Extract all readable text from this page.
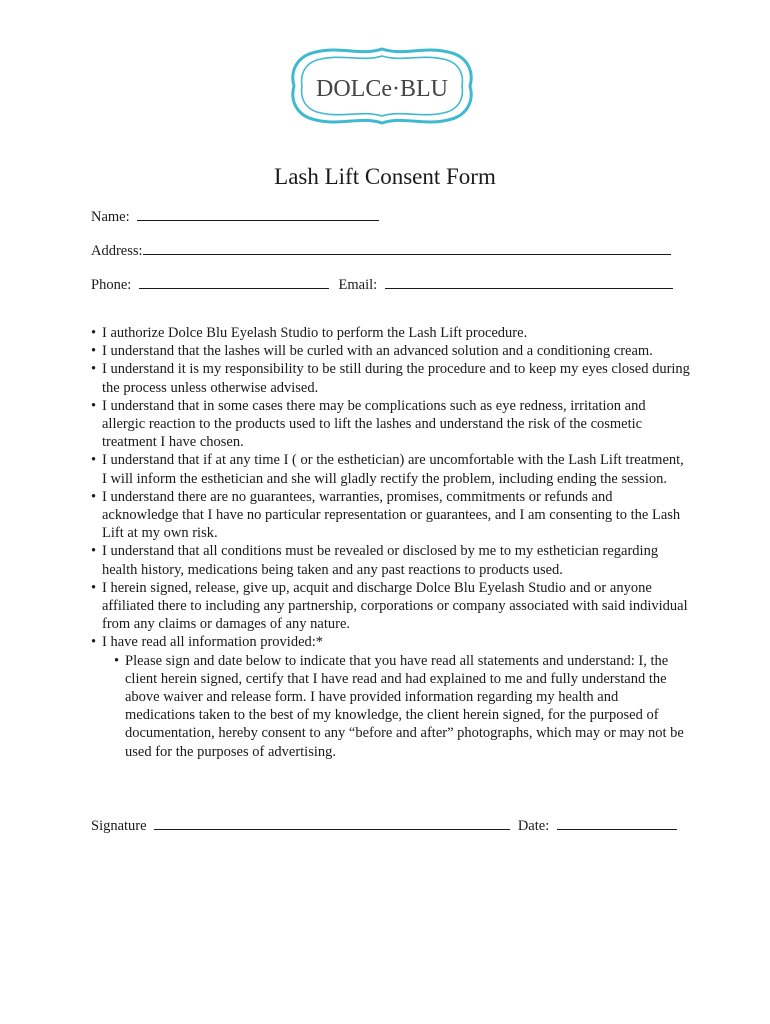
DOLCe·BLU
Lash Lift Consent Form
Name:
Address:
Phone:	Email:
• I authorize Dolce Blu Eyelash Studio to perform the Lash Lift procedure.
• I understand that the lashes will be curled with an advanced solution and a conditioning cream.
• I understand it is my responsibility to be still during the procedure and to keep my eyes closed during the process unless otherwise advised.
• I understand that in some cases there may be complications such as eye redness, irritation and allergic reaction to the products used to lift the lashes and understand the risk of the cosmetic treatment I have chosen.
• I understand that if at any time I ( or the esthetician) are uncomfortable with the Lash Lift treatment, I will inform the esthetician and she will gladly rectify the problem, including ending the session.
• I understand there are no guarantees, warranties, promises, commitments or refunds and acknowledge that I have no particular representation or guarantees, and I am consenting to the Lash Lift at my own risk.
• I understand that all conditions must be revealed or disclosed by me to my esthetician regarding health history, medications being taken and any past reactions to products used.
• I herein signed, release, give up, acquit and discharge Dolce Blu Eyelash Studio and or anyone affiliated there to including any partnership, corporations or company associated with said individual from any claims or damages of any nature.
• I have read all information provided:*
• Please sign and date below to indicate that you have read all statements and understand: I, the client herein signed, certify that I have read and had explained to me and fully understand the above waiver and release form. I have provided information regarding my health and medications taken to the best of my knowledge, the client herein signed, for the purposed of documentation, hereby consent to any “before and after” photographs, which may or may not be used for the purposes of advertising.
Signature	Date:
